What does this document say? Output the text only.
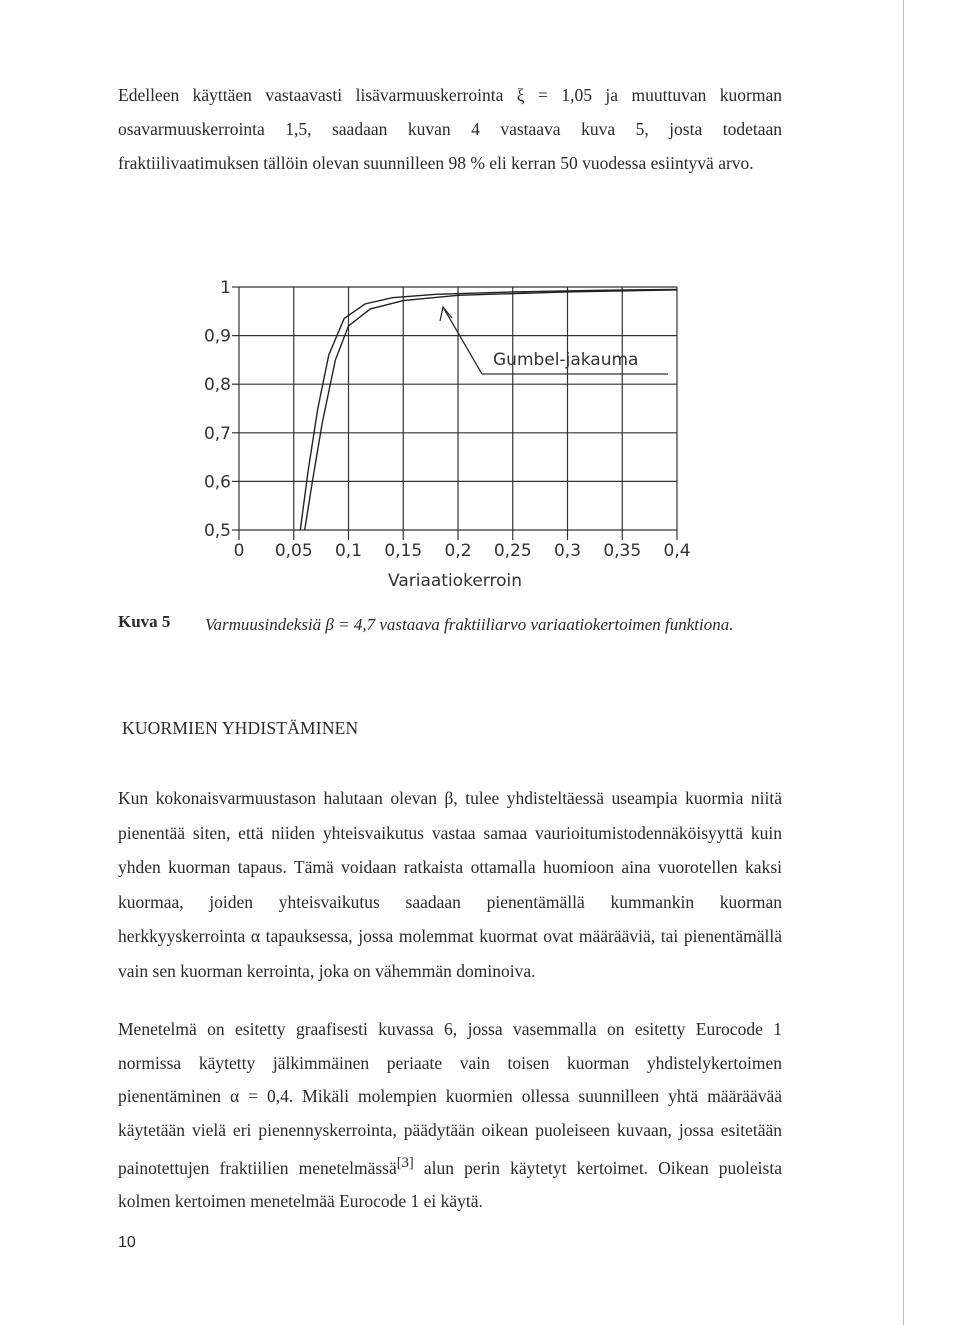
Edelleen käyttäen vastaavasti lisävarmuuskerrointa ξ = 1,05 ja muuttuvan kuorman osavarmuuskerrointa 1,5, saadaan kuvan 4 vastaava kuva 5, josta todetaan fraktiilivaatimuksen tällöin olevan suunnilleen 98 % eli kerran 50 vuodessa esiintyvä arvo.

0,5
0,6
0,7
0,8
0,9
1
0 0,05 0,1 0,15 0,2 0,25 0,3 0,35 0,4
Gumbel-jakauma
Variaatiokerroin
Kuva 5 Varmuusindeksiä β = 4,7 vastaava fraktiiliarvo variaatiokertoimen funktiona.
KUORMIEN YHDISTÄMINEN

Kun kokonaisvarmuustason halutaan olevan β, tulee yhdisteltäessä useampia kuormia niitä pienentää siten, että niiden yhteisvaikutus vastaa samaa vaurioitumistodennäköisyyttä kuin yhden kuorman tapaus. Tämä voidaan ratkaista ottamalla huomioon aina vuorotellen kaksi kuormaa, joiden yhteisvaikutus saadaan pienentämällä kummankin kuorman herkkyyskerrointa α tapauksessa, jossa molemmat kuormat ovat määrääviä, tai pienentämällä vain sen kuorman kerrointa, joka on vähemmän dominoiva.

Menetelmä on esitetty graafisesti kuvassa 6, jossa vasemmalla on esitetty Eurocode 1 normissa käytetty jälkimmäinen periaate vain toisen kuorman yhdistelykertoimen pienentäminen α = 0,4. Mikäli molempien kuormien ollessa suunnilleen yhtä määräävää käytetään vielä eri pienennyskerrointa, päädytään oikean puoleiseen kuvaan, jossa esitetään painotettujen fraktiilien menetelmässä[3] alun perin käytetyt kertoimet. Oikean puoleista kolmen kertoimen menetelmää Eurocode 1 ei käytä.

10
